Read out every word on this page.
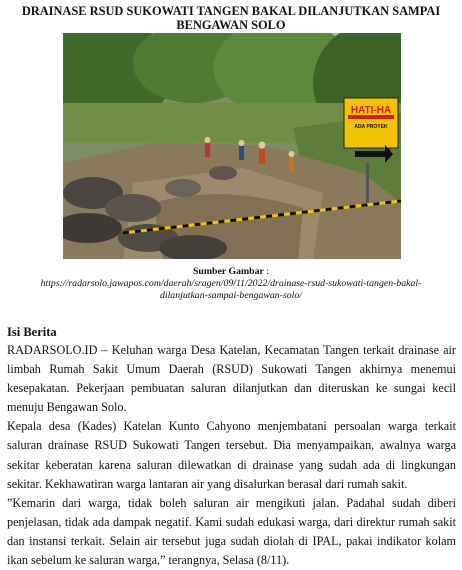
DRAINASE RSUD SUKOWATI TANGEN BAKAL DILANJUTKAN SAMPAI
BENGAWAN SOLO
HATI-HA
ADA PROYEK
Sumber Gambar :
https://radarsolo.jawapos.com/daerah/sragen/09/11/2022/drainase-rsud-sukowati-tangen-bakal-
dilanjutkan-sampai-bengawan-solo/
Isi Berita

RADARSOLO.ID – Keluhan warga Desa Katelan, Kecamatan Tangen terkait drainase air limbah Rumah Sakit Umum Daerah (RSUD) Sukowati Tangen akhirnya menemui kesepakatan. Pekerjaan pembuatan saluran dilanjutkan dan diteruskan ke sungai kecil menuju Bengawan Solo.

Kepala desa (Kades) Katelan Kunto Cahyono menjembatani persoalan warga terkait saluran drainase RSUD Sukowati Tangen tersebut. Dia menyampaikan, awalnya warga sekitar keberatan karena saluran dilewatkan di drainase yang sudah ada di lingkungan sekitar. Kekhawatiran warga lantaran air yang disalurkan berasal dari rumah sakit.

”Kemarin dari warga, tidak boleh saluran air mengikuti jalan. Padahal sudah diberi penjelasan, tidak ada dampak negatif. Kami sudah edukasi warga, dari direktur rumah sakit dan instansi terkait. Selain air tersebut juga sudah diolah di IPAL, pakai indikator kolam ikan sebelum ke saluran warga,” terangnya, Selasa (8/11).
